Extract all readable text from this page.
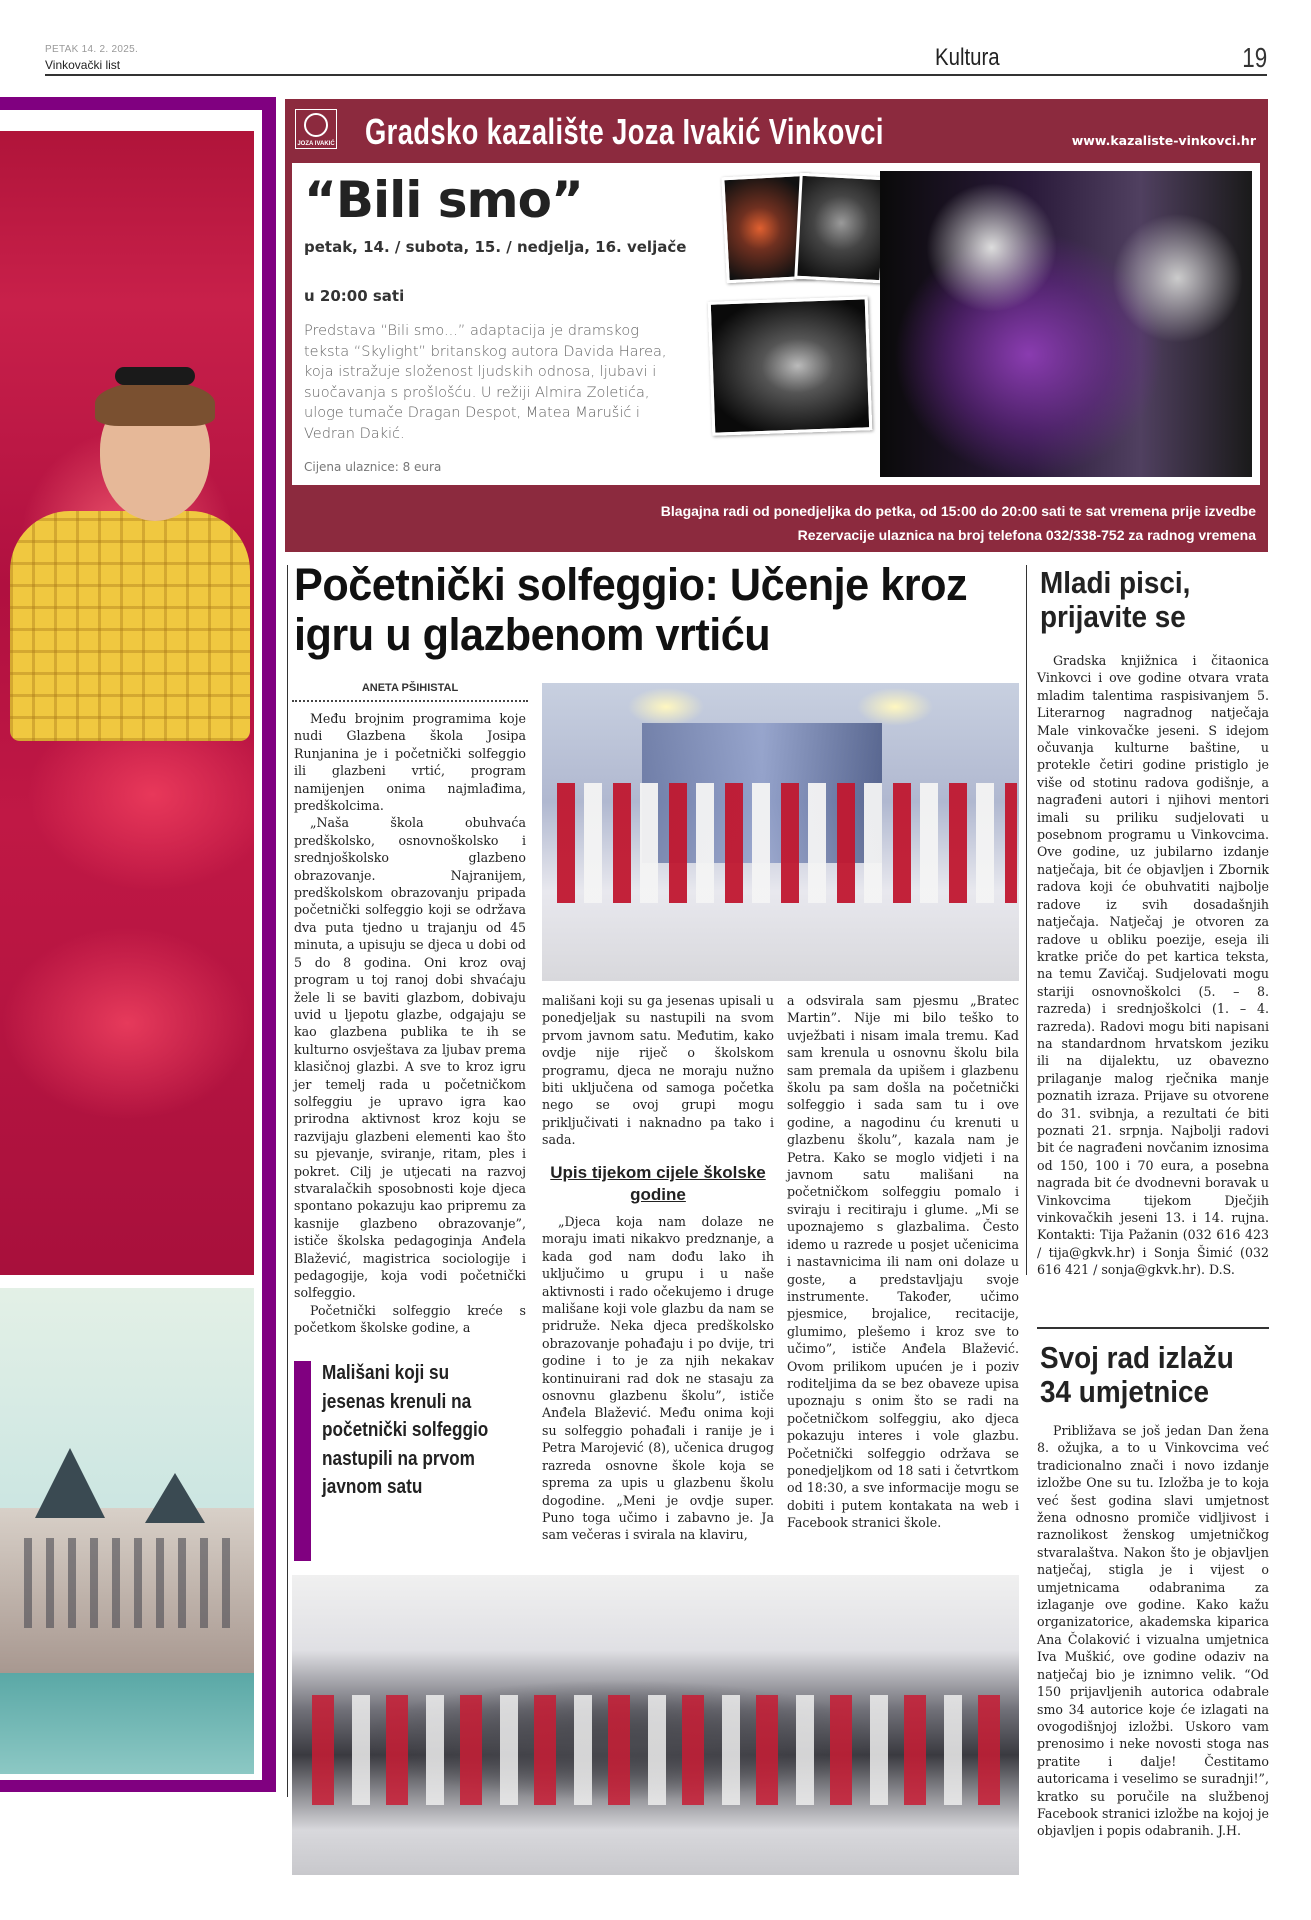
PETAK 14. 2. 2025.
Vinkovački list	Kultura	19
JOZA IVAKIĆ Gradsko kazalište Joza Ivakić Vinkovci	www.kazaliste-vinkovci.hr
“Bili smo”
petak, 14. / subota, 15. / nedjelja, 16. veljače
u 20:00 sati
Predstava “Bili smo...” adaptacija je dramskog teksta “Skylight” britanskog autora Davida Harea, koja istražuje složenost ljudskih odnosa, ljubavi i suočavanja s prošlošću. U režiji Almira Zoletića, uloge tumače Dragan Despot, Matea Marušić i Vedran Dakić.
Cijena ulaznice: 8 eura
Blagajna radi od ponedjeljka do petka, od 15:00 do 20:00 sati te sat vremena prije izvedbe
Rezervacije ulaznica na broj telefona 032/338-752 za radnog vremena
Početnički solfeggio: Učenje kroz igru u glazbenom vrtiću
ANETA PŠIHISTAL

Među brojnim programima koje nudi Glazbena škola Josipa Runjanina je i početnički solfeggio ili glazbeni vrtić, program namijenjen onima najmlađima, predškolcima.

„Naša škola obuhvaća predškolsko, osnovnoškolsko i srednjoškolsko glazbeno obrazovanje. Najranijem, predškolskom obrazovanju pripada početnički solfeggio koji se održava dva puta tjedno u trajanju od 45 minuta, a upisuju se djeca u dobi od 5 do 8 godina. Oni kroz ovaj program u toj ranoj dobi shvaćaju žele li se baviti glazbom, dobivaju uvid u ljepotu glazbe, odgajaju se kao glazbena publika te ih se kulturno osvještava za ljubav prema klasičnoj glazbi. A sve to kroz igru jer temelj rada u početničkom solfeggiu je upravo igra kao prirodna aktivnost kroz koju se razvijaju glazbeni elementi kao što su pjevanje, sviranje, ritam, ples i pokret. Cilj je utjecati na razvoj stvaralačkih sposobnosti koje djeca spontano pokazuju kao pripremu za kasnije glazbeno obrazovanje”, ističe školska pedagoginja Anđela Blažević, magistrica sociologije i pedagogije, koja vodi početnički solfeggio.

Početnički solfeggio kreće s početkom školske godine, a

mališani koji su ga jesenas upisali u ponedjeljak su nastupili na svom prvom javnom satu. Međutim, kako ovdje nije riječ o školskom programu, djeca ne moraju nužno biti uključena od samoga početka nego se ovoj grupi mogu priključivati i naknadno pa tako i sada.
Upis tijekom cijele školske godine

„Djeca koja nam dolaze ne moraju imati nikakvo predznanje, a kada god nam dođu lako ih uključimo u grupu i u naše aktivnosti i rado očekujemo i druge mališane koji vole glazbu da nam se pridruže. Neka djeca predškolsko obrazovanje pohađaju i po dvije, tri godine i to je za njih nekakav kontinuirani rad dok ne stasaju za osnovnu glazbenu školu”, ističe Anđela Blažević. Među onima koji su solfeggio pohađali i ranije je i Petra Marojević (8), učenica drugog razreda osnovne škole koja se sprema za upis u glazbenu školu dogodine. „Meni je ovdje super. Puno toga učimo i zabavno je. Ja sam večeras i svirala na klaviru,

a odsvirala sam pjesmu „Bratec Martin”. Nije mi bilo teško to uvježbati i nisam imala tremu. Kad sam krenula u osnovnu školu bila sam premala da upišem i glazbenu školu pa sam došla na početnički solfeggio i sada sam tu i ove godine, a nagodinu ću krenuti u glazbenu školu”, kazala nam je Petra. Kako se moglo vidjeti i na javnom satu mališani na početničkom solfeggiu pomalo i sviraju i recitiraju i glume. „Mi se upoznajemo s glazbalima. Često idemo u razrede u posjet učenicima i nastavnicima ili nam oni dolaze u goste, a predstavljaju svoje instrumente. Također, učimo pjesmice, brojalice, recitacije, glumimo, plešemo i kroz sve to učimo”, ističe Anđela Blažević. Ovom prilikom upućen je i poziv roditeljima da se bez obaveze upisa upoznaju s onim što se radi na početničkom solfeggiu, ako djeca pokazuju interes i vole glazbu. Početnički solfeggio održava se ponedjeljkom od 18 sati i četvrtkom od 18:30, a sve informacije mogu se dobiti i putem kontakata na web i Facebook stranici škole.
Mališani koji su jesenas krenuli na početnički solfeggio nastupili na prvom javnom satu
Mladi pisci, prijavite se

Gradska knjižnica i čitaonica Vinkovci i ove godine otvara vrata mladim talentima raspisivanjem 5. Literarnog nagradnog natječaja Male vinkovačke jeseni. S idejom očuvanja kulturne baštine, u protekle četiri godine pristiglo je više od stotinu radova godišnje, a nagrađeni autori i njihovi mentori imali su priliku sudjelovati u posebnom programu u Vinkovcima. Ove godine, uz jubilarno izdanje natječaja, bit će objavljen i Zbornik radova koji će obuhvatiti najbolje radove iz svih dosadašnjih natječaja. Natječaj je otvoren za radove u obliku poezije, eseja ili kratke priče do pet kartica teksta, na temu Zavičaj. Sudjelovati mogu stariji osnovnoškolci (5. – 8. razreda) i srednjoškolci (1. – 4. razreda). Radovi mogu biti napisani na standardnom hrvatskom jeziku ili na dijalektu, uz obavezno prilaganje malog rječnika manje poznatih izraza. Prijave su otvorene do 31. svibnja, a rezultati će biti poznati 21. srpnja. Najbolji radovi bit će nagrađeni novčanim iznosima od 150, 100 i 70 eura, a posebna nagrada bit će dvodnevni boravak u Vinkovcima tijekom Dječjih vinkovačkih jeseni 13. i 14. rujna. Kontakti: Tija Pažanin (032 616 423 / tija@gkvk.hr) i Sonja Šimić (032 616 421 / sonja@gkvk.hr). D.S.

Svoj rad izlažu 34 umjetnice

Približava se još jedan Dan žena 8. ožujka, a to u Vinkovcima već tradicionalno znači i novo izdanje izložbe One su tu. Izložba je to koja već šest godina slavi umjetnost žena odnosno promiče vidljivost i raznolikost ženskog umjetničkog stvaralaštva. Nakon što je objavljen natječaj, stigla je i vijest o umjetnicama odabranima za izlaganje ove godine. Kako kažu organizatorice, akademska kiparica Ana Čolaković i vizualna umjetnica Iva Muškić, ove godine odaziv na natječaj bio je iznimno velik. “Od 150 prijavljenih autorica odabrale smo 34 autorice koje će izlagati na ovogodišnjoj izložbi. Uskoro vam prenosimo i neke novosti stoga nas pratite i dalje! Čestitamo autoricama i veselimo se suradnji!”, kratko su poručile na službenoj Facebook stranici izložbe na kojoj je objavljen i popis odabranih. J.H.
